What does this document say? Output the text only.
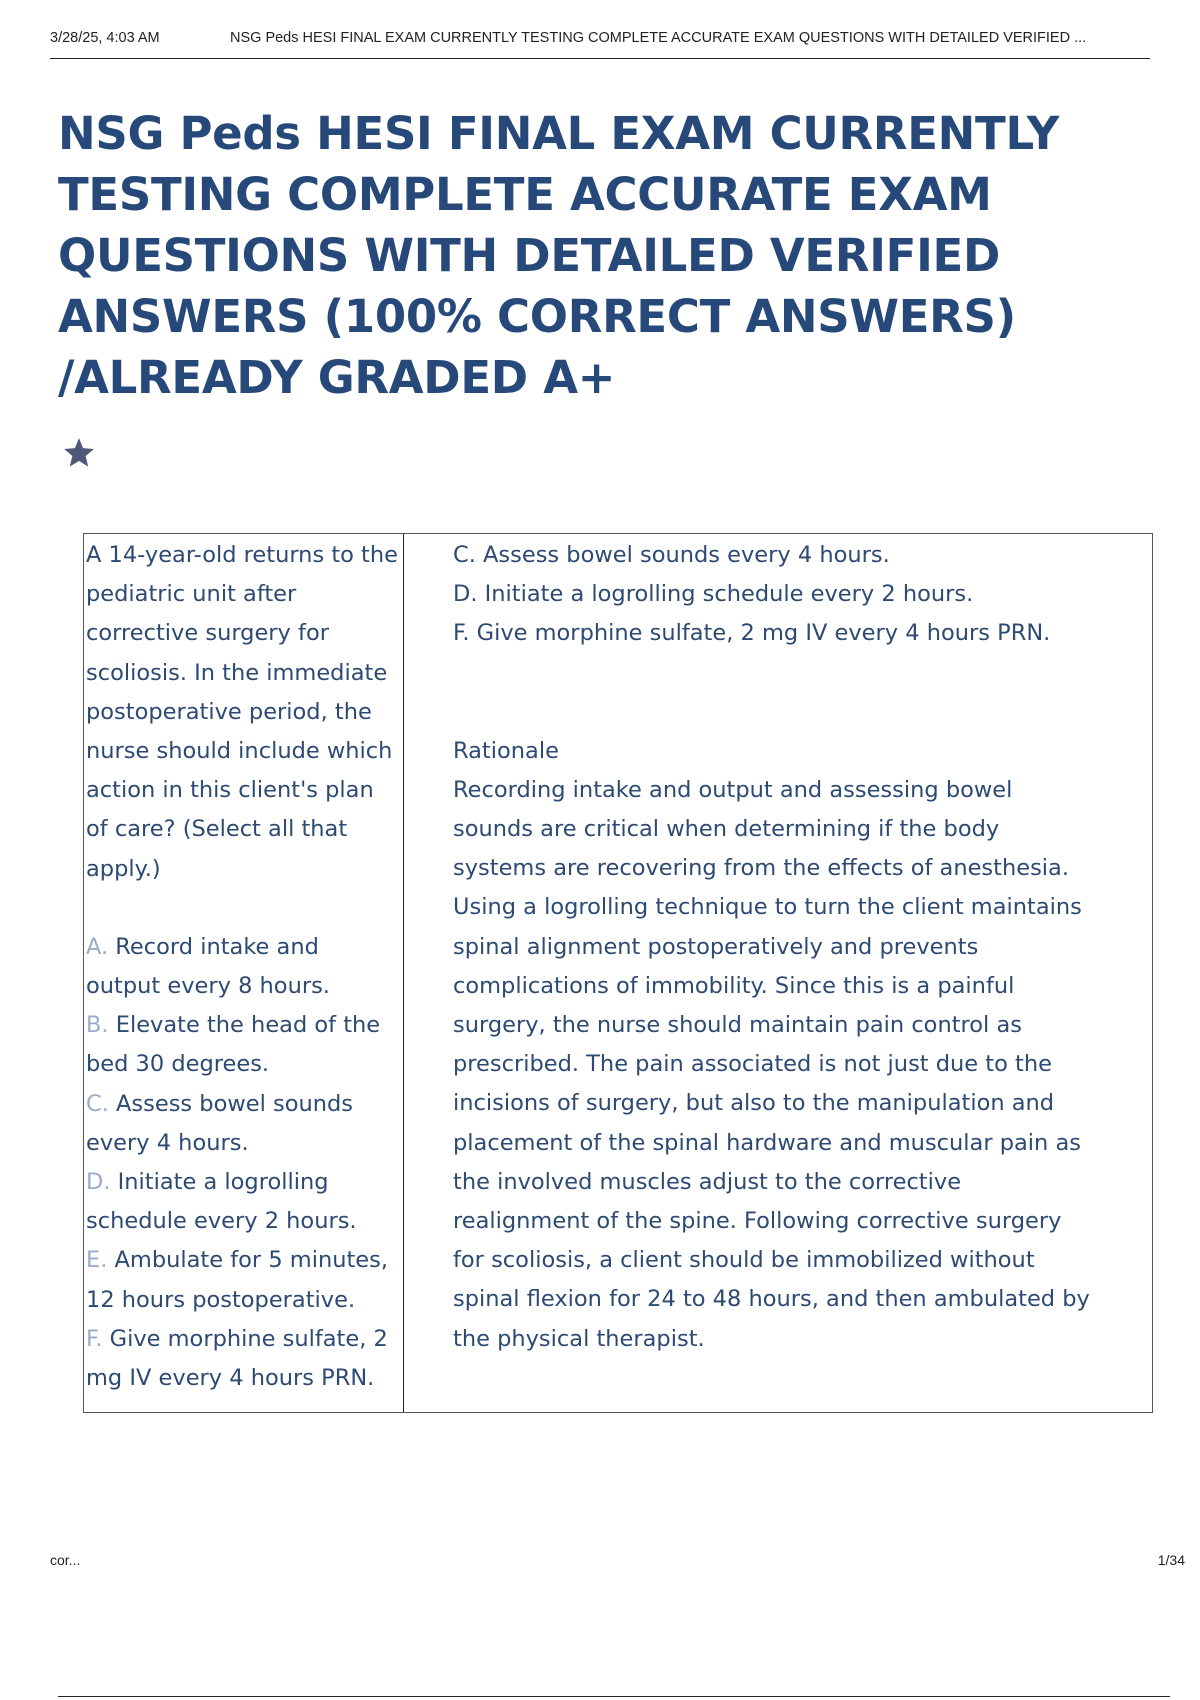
3/28/25, 4:03 AM	NSG Peds HESI FINAL EXAM CURRENTLY TESTING COMPLETE ACCURATE EXAM QUESTIONS WITH DETAILED VERIFIED ...
NSG Peds HESI FINAL EXAM CURRENTLY TESTING COMPLETE ACCURATE EXAM QUESTIONS WITH DETAILED VERIFIED ANSWERS (100% CORRECT ANSWERS) /ALREADY GRADED A+

A 14-year-old returns to the pediatric unit after corrective surgery for scoliosis. In the immediate postoperative period, the nurse should include which action in this client's plan of care? (Select all that apply.)

A. Record intake and output every 8 hours.
B. Elevate the head of the bed 30 degrees.
C. Assess bowel sounds every 4 hours.
D. Initiate a logrolling schedule every 2 hours.
E. Ambulate for 5 minutes, 12 hours postoperative.
F. Give morphine sulfate, 2 mg IV every 4 hours PRN.

C. Assess bowel sounds every 4 hours.

D. Initiate a logrolling schedule every 2 hours.

F. Give morphine sulfate, 2 mg IV every 4 hours PRN.

Rationale

Recording intake and output and assessing bowel sounds are critical when determining if the body systems are recovering from the effects of anesthesia. Using a logrolling technique to turn the client maintains spinal alignment postoperatively and prevents complications of immobility. Since this is a painful surgery, the nurse should maintain pain control as prescribed. The pain associated is not just due to the incisions of surgery, but also to the manipulation and placement of the spinal hardware and muscular pain as the involved muscles adjust to the corrective realignment of the spine. Following corrective surgery for scoliosis, a client should be immobilized without spinal flexion for 24 to 48 hours, and then ambulated by the physical therapist.

cor...	1/34
